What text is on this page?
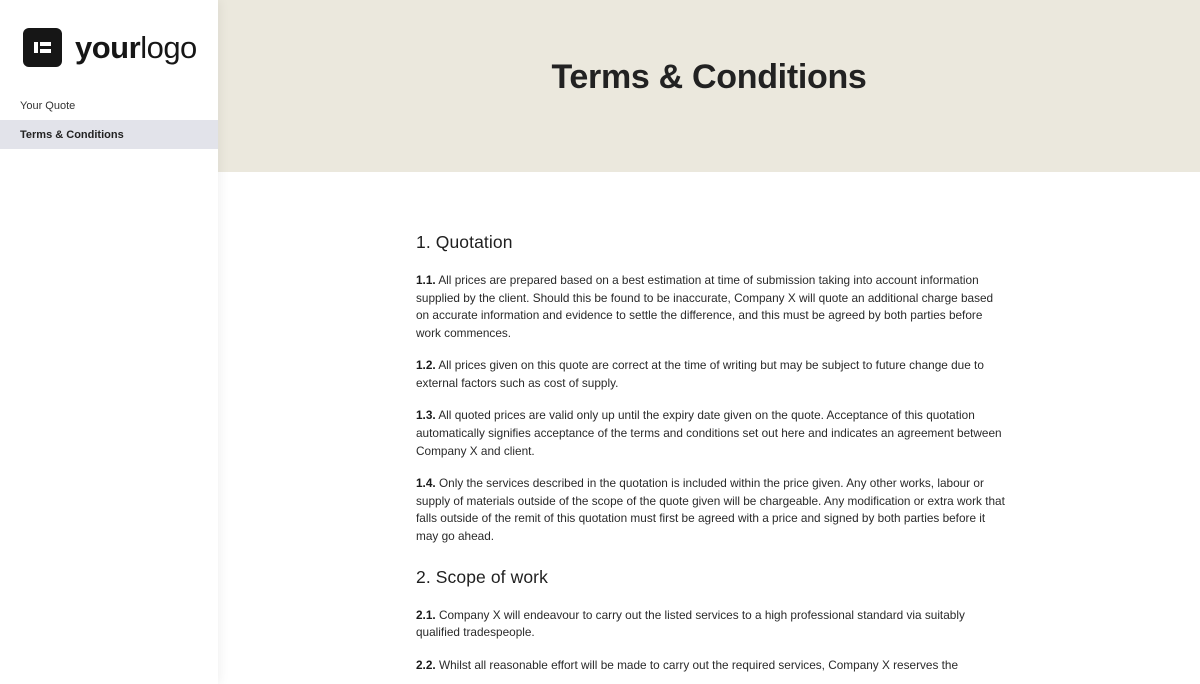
yourlogo
Your Quote
Terms & Conditions
Terms & Conditions
1. Quotation

1.1. All prices are prepared based on a best estimation at time of submission taking into account information supplied by the client. Should this be found to be inaccurate, Company X will quote an additional charge based on accurate information and evidence to settle the difference, and this must be agreed by both parties before work commences.

1.2. All prices given on this quote are correct at the time of writing but may be subject to future change due to external factors such as cost of supply.

1.3. All quoted prices are valid only up until the expiry date given on the quote. Acceptance of this quotation automatically signifies acceptance of the terms and conditions set out here and indicates an agreement between Company X and client.

1.4. Only the services described in the quotation is included within the price given. Any other works, labour or supply of materials outside of the scope of the quote given will be chargeable. Any modification or extra work that falls outside of the remit of this quotation must first be agreed with a price and signed by both parties before it may go ahead.

2. Scope of work

2.1. Company X will endeavour to carry out the listed services to a high professional standard via suitably qualified tradespeople.

2.2. Whilst all reasonable effort will be made to carry out the required services, Company X reserves the
